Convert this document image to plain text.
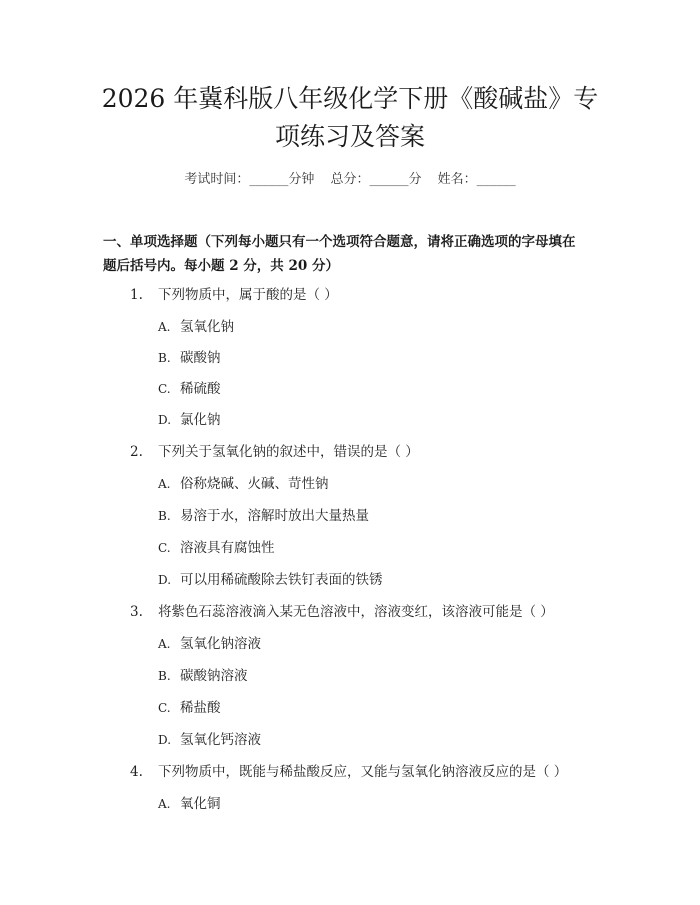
2026 年冀科版八年级化学下册《酸碱盐》专
项练习及答案
考试时间：______分钟 总分：______分 姓名：______
一、单项选择题（下列每小题只有一个选项符合题意，请将正确选项的字母填在
题后括号内。每小题 2 分，共 20 分）
1. 下列物质中，属于酸的是（ ）
A. 氢氧化钠
B. 碳酸钠
C. 稀硫酸
D. 氯化钠
2. 下列关于氢氧化钠的叙述中，错误的是（ ）
A. 俗称烧碱、火碱、苛性钠
B. 易溶于水，溶解时放出大量热量
C. 溶液具有腐蚀性
D. 可以用稀硫酸除去铁钉表面的铁锈
3. 将紫色石蕊溶液滴入某无色溶液中，溶液变红，该溶液可能是（ ）
A. 氢氧化钠溶液
B. 碳酸钠溶液
C. 稀盐酸
D. 氢氧化钙溶液
4. 下列物质中，既能与稀盐酸反应，又能与氢氧化钠溶液反应的是（ ）
A. 氧化铜
